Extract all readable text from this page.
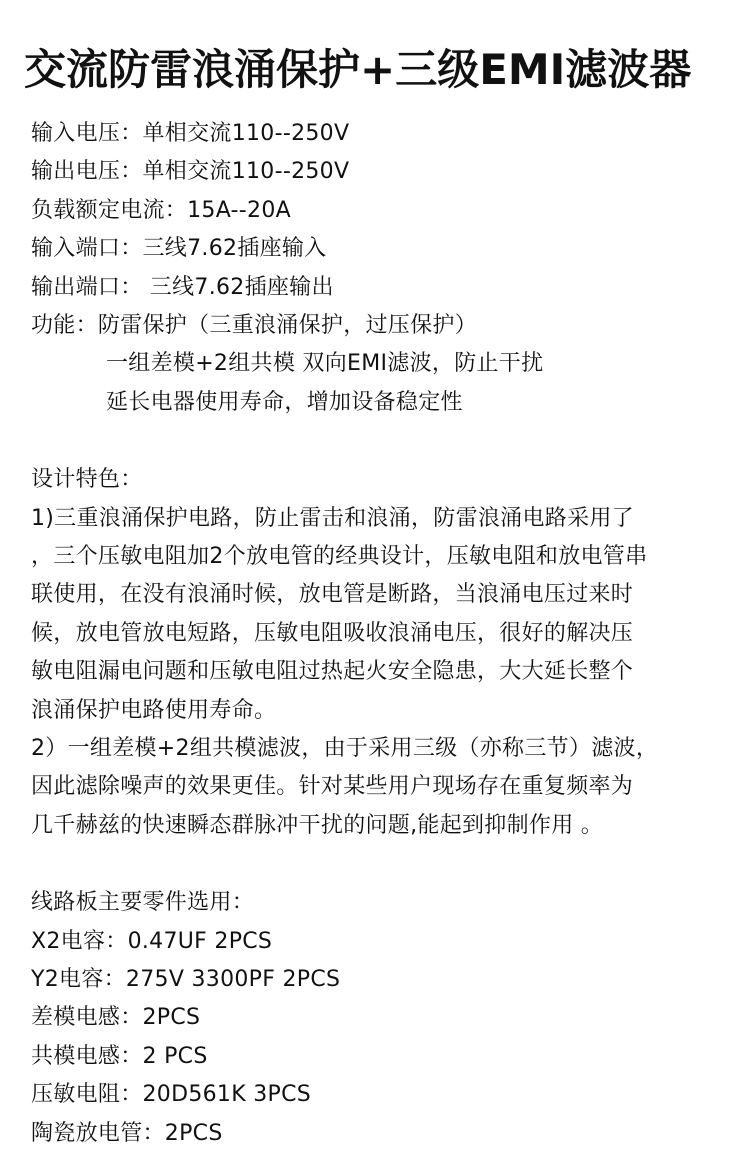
交流防雷浪涌保护+三级EMI滤波器
输入电压：单相交流110--250V
输出电压：单相交流110--250V
负载额定电流：15A--20A
输入端口：三线7.62插座输入
输出端口： 三线7.62插座输出
功能：防雷保护（三重浪涌保护，过压保护）
一组差模+2组共模 双向EMI滤波，防止干扰
延长电器使用寿命，增加设备稳定性
设计特色：
1)三重浪涌保护电路，防止雷击和浪涌，防雷浪涌电路采用了
，三个压敏电阻加2个放电管的经典设计，压敏电阻和放电管串
联使用，在没有浪涌时候，放电管是断路，当浪涌电压过来时
候，放电管放电短路，压敏电阻吸收浪涌电压，很好的解决压
敏电阻漏电问题和压敏电阻过热起火安全隐患，大大延长整个
浪涌保护电路使用寿命。
2）一组差模+2组共模滤波，由于采用三级（亦称三节）滤波，
因此滤除噪声的效果更佳。针对某些用户现场存在重复频率为
几千赫兹的快速瞬态群脉冲干扰的问题,能起到抑制作用 。
线路板主要零件选用：
X2电容：0.47UF 2PCS
Y2电容：275V 3300PF 2PCS
差模电感：2PCS
共模电感：2 PCS
压敏电阻：20D561K 3PCS
陶瓷放电管：2PCS
